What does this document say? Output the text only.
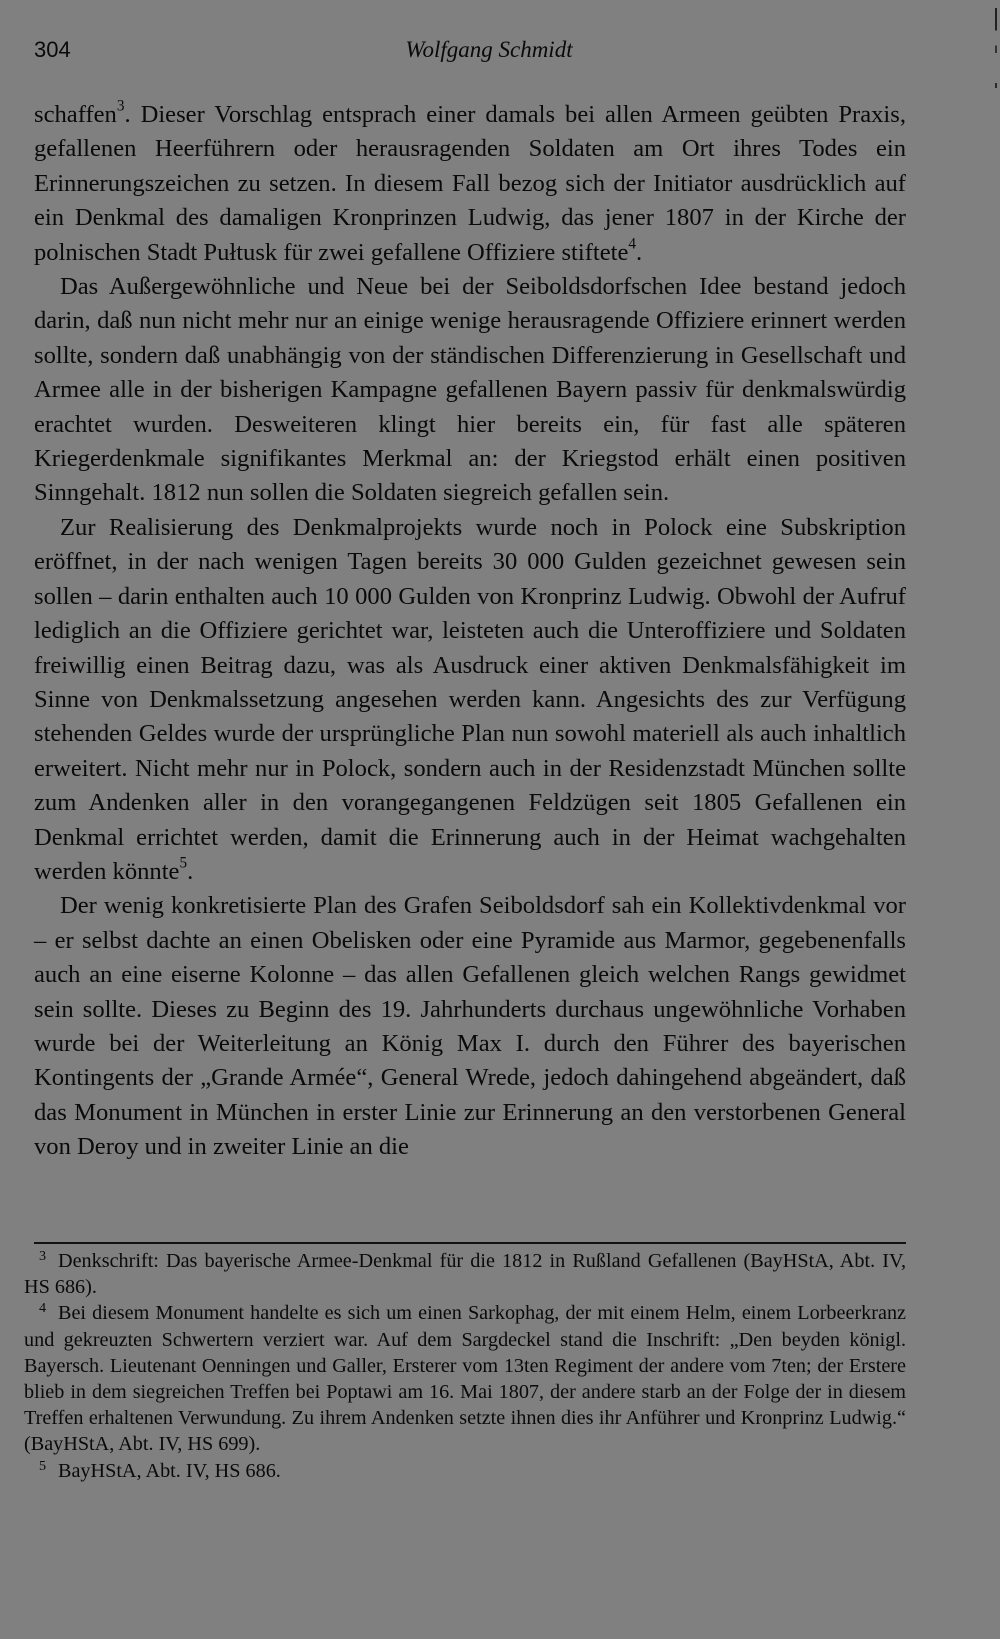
304	Wolfgang Schmidt

schaffen$^3$. Dieser Vorschlag entsprach einer damals bei allen Armeen geübten Praxis, gefallenen Heerführern oder herausragenden Soldaten am Ort ihres Todes ein Erinnerungszeichen zu setzen. In diesem Fall bezog sich der Initiator ausdrücklich auf ein Denkmal des damaligen Kronprinzen Ludwig, das jener 1807 in der Kirche der polnischen Stadt Pułtusk für zwei gefallene Offiziere stiftete$^4$.

Das Außergewöhnliche und Neue bei der Seiboldsdorfschen Idee bestand jedoch darin, daß nun nicht mehr nur an einige wenige herausragende Offiziere erinnert werden sollte, sondern daß unabhängig von der ständischen Differenzierung in Gesellschaft und Armee alle in der bisherigen Kampagne gefallenen Bayern passiv für denkmalswürdig erachtet wurden. Desweiteren klingt hier bereits ein, für fast alle späteren Kriegerdenkmale signifikantes Merkmal an: der Kriegstod erhält einen positiven Sinngehalt. 1812 nun sollen die Soldaten siegreich gefallen sein.

Zur Realisierung des Denkmalprojekts wurde noch in Polock eine Subskription eröffnet, in der nach wenigen Tagen bereits 30 000 Gulden gezeichnet gewesen sein sollen – darin enthalten auch 10 000 Gulden von Kronprinz Ludwig. Obwohl der Aufruf lediglich an die Offiziere gerichtet war, leisteten auch die Unteroffiziere und Soldaten freiwillig einen Beitrag dazu, was als Ausdruck einer aktiven Denkmalsfähigkeit im Sinne von Denkmalssetzung angesehen werden kann. Angesichts des zur Verfügung stehenden Geldes wurde der ursprüngliche Plan nun sowohl materiell als auch inhaltlich erweitert. Nicht mehr nur in Polock, sondern auch in der Residenzstadt München sollte zum Andenken aller in den vorangegangenen Feldzügen seit 1805 Gefallenen ein Denkmal errichtet werden, damit die Erinnerung auch in der Heimat wachgehalten werden könnte$^5$.

Der wenig konkretisierte Plan des Grafen Seiboldsdorf sah ein Kollektivdenkmal vor – er selbst dachte an einen Obelisken oder eine Pyramide aus Marmor, gegebenenfalls auch an eine eiserne Kolonne – das allen Gefallenen gleich welchen Rangs gewidmet sein sollte. Dieses zu Beginn des 19. Jahrhunderts durchaus ungewöhnliche Vorhaben wurde bei der Weiterleitung an König Max I. durch den Führer des bayerischen Kontingents der „Grande Armée“, General Wrede, jedoch dahingehend abgeändert, daß das Monument in München in erster Linie zur Erinnerung an den verstorbenen General von Deroy und in zweiter Linie an die

3 Denkschrift: Das bayerische Armee-Denkmal für die 1812 in Rußland Gefallenen (BayHStA, Abt. IV, HS 686).

4 Bei diesem Monument handelte es sich um einen Sarkophag, der mit einem Helm, einem Lorbeerkranz und gekreuzten Schwertern verziert war. Auf dem Sargdeckel stand die Inschrift: „Den beyden königl. Bayersch. Lieutenant Oenningen und Galler, Ersterer vom 13ten Regiment der andere vom 7ten; der Erstere blieb in dem siegreichen Treffen bei Poptawi am 16. Mai 1807, der andere starb an der Folge der in diesem Treffen erhaltenen Verwundung. Zu ihrem Andenken setzte ihnen dies ihr Anführer und Kronprinz Ludwig.“ (BayHStA, Abt. IV, HS 699).

5 BayHStA, Abt. IV, HS 686.
